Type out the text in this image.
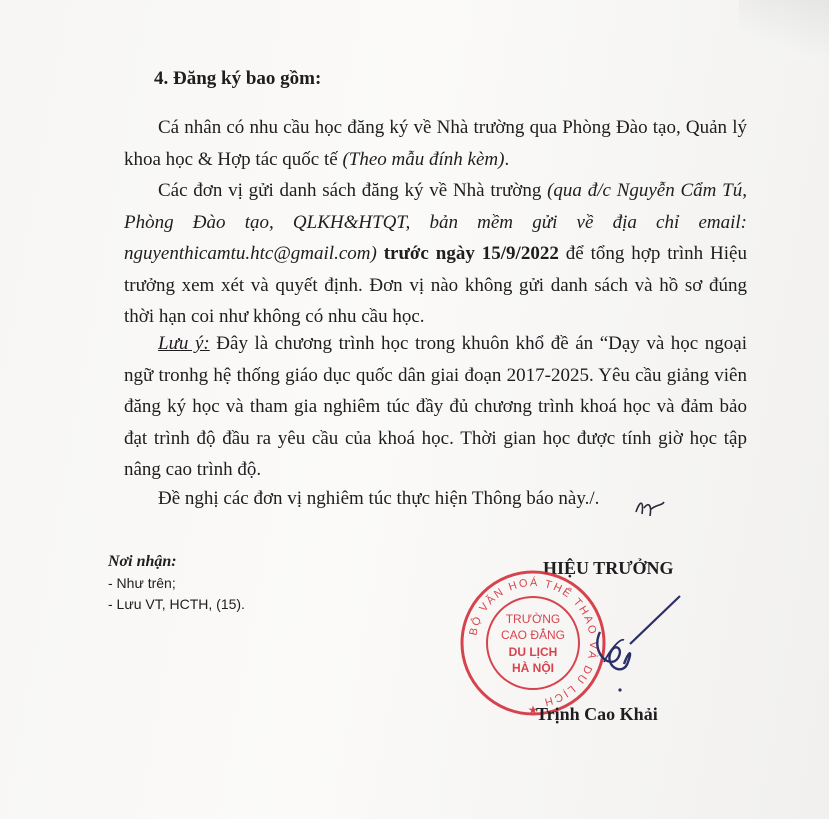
4. Đăng ký bao gồm:

Cá nhân có nhu cầu học đăng ký về Nhà trường qua Phòng Đào tạo, Quản lý khoa học & Hợp tác quốc tế (Theo mẫu đính kèm).

Các đơn vị gửi danh sách đăng ký về Nhà trường (qua đ/c Nguyễn Cẩm Tú, Phòng Đào tạo, QLKH&HTQT, bản mềm gửi về địa chỉ email: nguyenthicamtu.htc@gmail.com) trước ngày 15/9/2022 để tổng hợp trình Hiệu trưởng xem xét và quyết định. Đơn vị nào không gửi danh sách và hồ sơ đúng thời hạn coi như không có nhu cầu học.

Lưu ý: Đây là chương trình học trong khuôn khổ đề án “Dạy và học ngoại ngữ tronhg hệ thống giáo dục quốc dân giai đoạn 2017-2025. Yêu cầu giảng viên đăng ký học và tham gia nghiêm túc đầy đủ chương trình khoá học và đảm bảo đạt trình độ đầu ra yêu cầu của khoá học. Thời gian học được tính giờ học tập nâng cao trình độ.

Đề nghị các đơn vị nghiêm túc thực hiện Thông báo này./.

Nơi nhận:
- Như trên;
- Lưu VT, HCTH, (15).
HIỆU TRƯỞNG
BỘ VĂN HOÁ THỂ THAO VÀ DU LỊCH
TRƯỜNG
CAO ĐẲNG
DU LỊCH
HÀ NỘI
★
Trịnh Cao Khải
